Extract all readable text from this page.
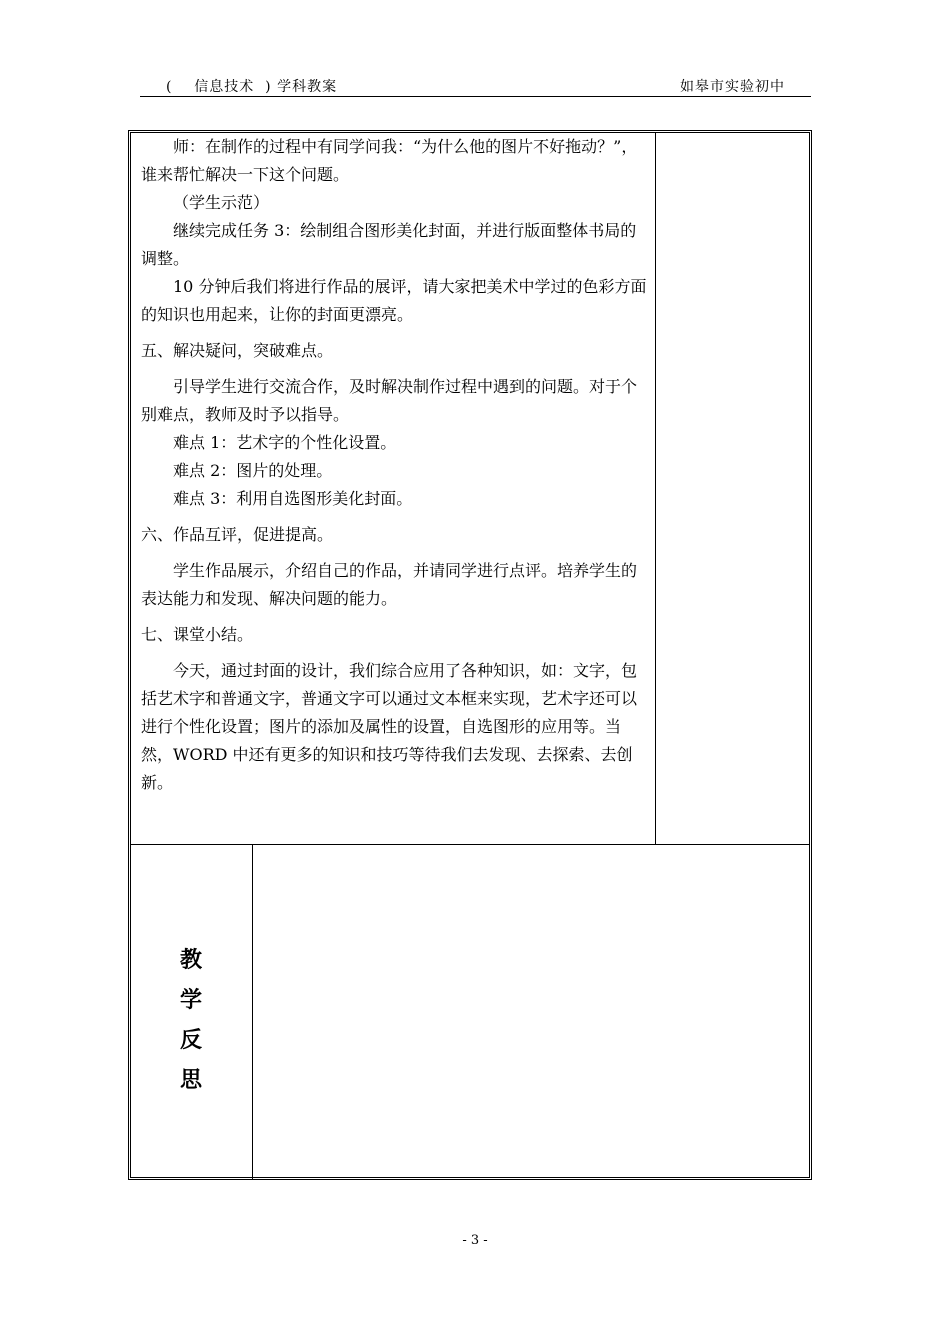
(    信息技术  ) 学科教案	如皋市实验初中

师：在制作的过程中有同学问我：“为什么他的图片不好拖动？”，谁来帮忙解决一下这个问题。

（学生示范）

继续完成任务 3：绘制组合图形美化封面，并进行版面整体书局的调整。

10 分钟后我们将进行作品的展评，请大家把美术中学过的色彩方面的知识也用起来，让你的封面更漂亮。

五、解决疑问，突破难点。

引导学生进行交流合作，及时解决制作过程中遇到的问题。对于个别难点，教师及时予以指导。

难点 1：艺术字的个性化设置。

难点 2：图片的处理。

难点 3：利用自选图形美化封面。

六、作品互评，促进提高。

学生作品展示，介绍自己的作品，并请同学进行点评。培养学生的表达能力和发现、解决问题的能力。

七、课堂小结。

今天，通过封面的设计，我们综合应用了各种知识，如：文字，包括艺术字和普通文字，普通文字可以通过文本框来实现，艺术字还可以进行个性化设置；图片的添加及属性的设置，自选图形的应用等。当然，WORD 中还有更多的知识和技巧等待我们去发现、去探索、去创新。

教
学
反
思
- 3 -
